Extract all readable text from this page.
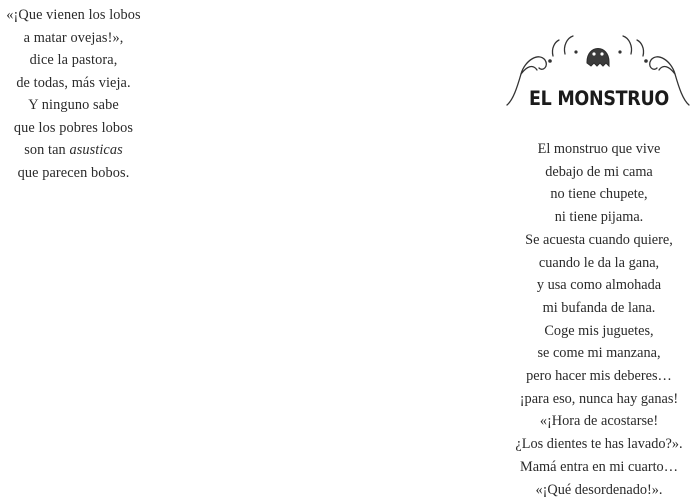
«¡Que vienen los lobos
a matar ovejas!»,
dice la pastora,
de todas, más vieja.
Y ninguno sabe
que los pobres lobos
son tan asusticas
que parecen bobos.
EL MONSTRUO
El monstruo que vive
debajo de mi cama
no tiene chupete,
ni tiene pijama.
Se acuesta cuando quiere,
cuando le da la gana,
y usa como almohada
mi bufanda de lana.
Coge mis juguetes,
se come mi manzana,
pero hacer mis deberes…
¡para eso, nunca hay ganas!
«¡Hora de acostarse!
¿Los dientes te has lavado?».
Mamá entra en mi cuarto…
«¡Qué desordenado!».
